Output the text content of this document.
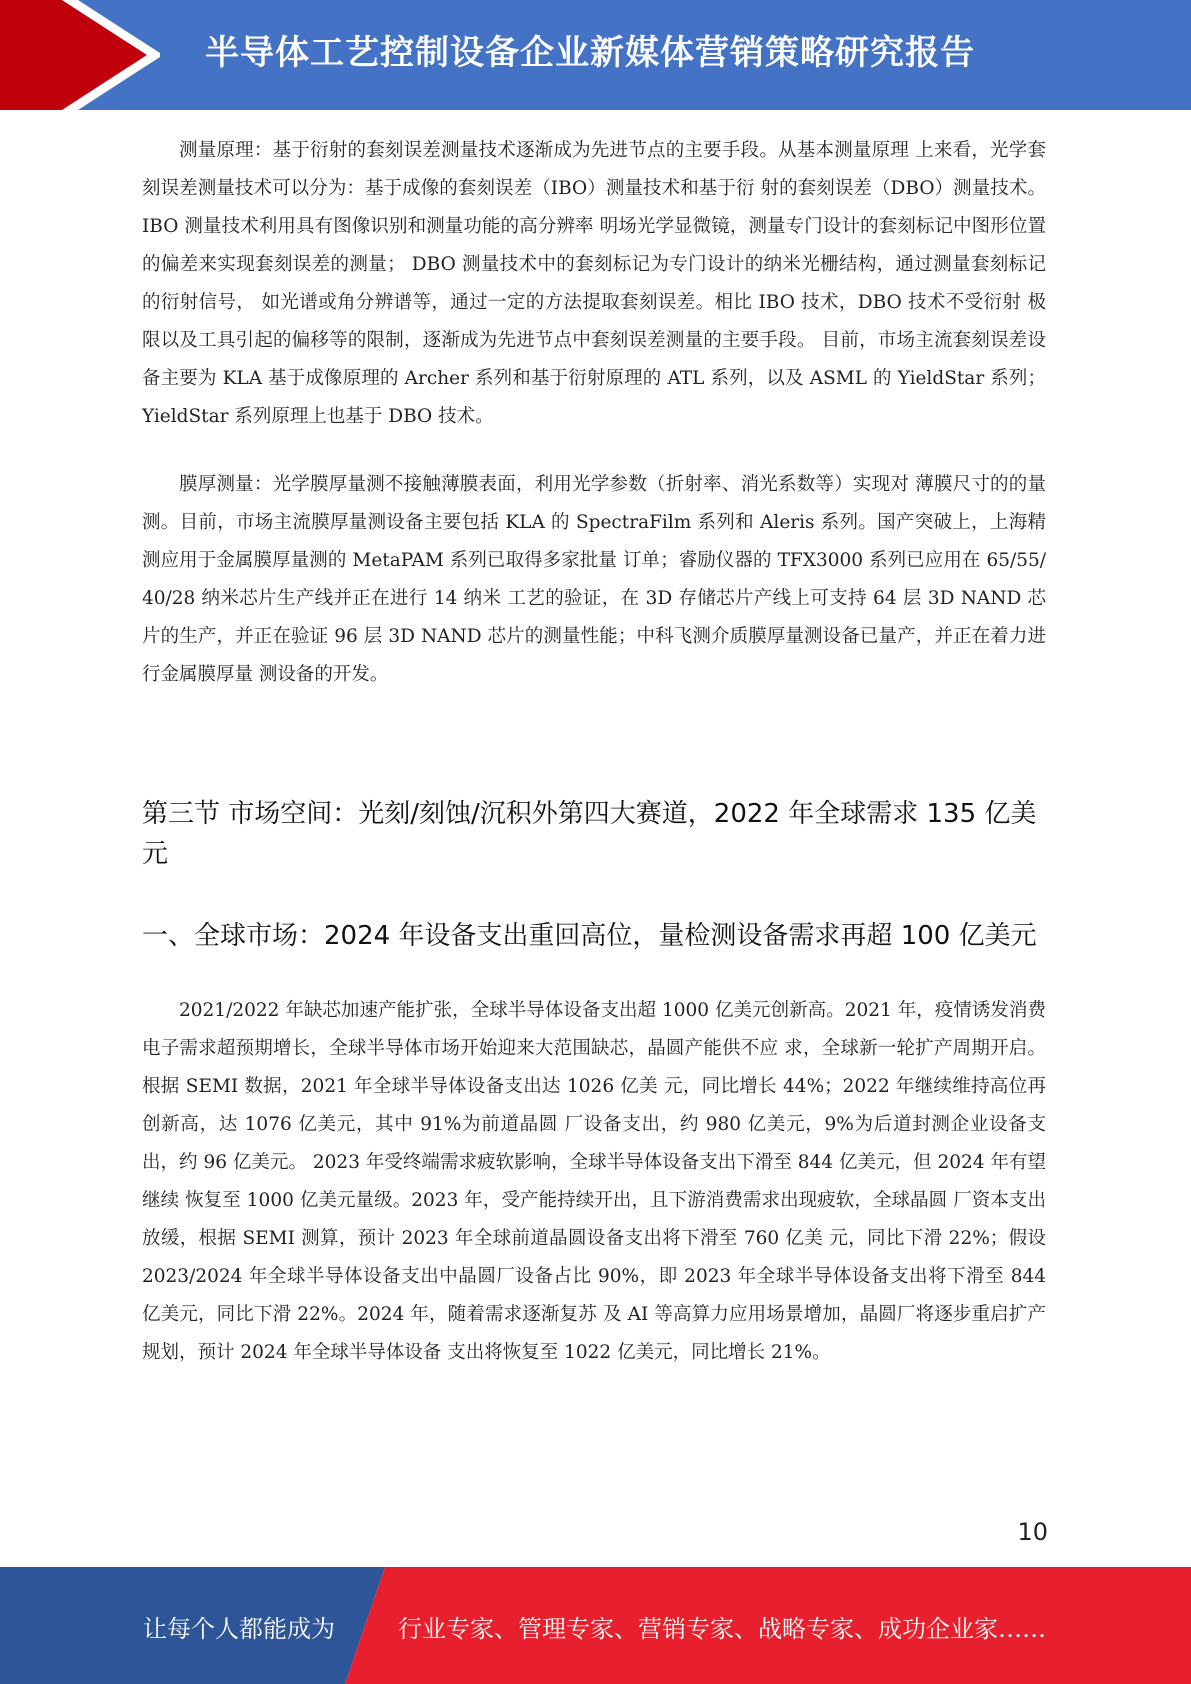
半导体工艺控制设备企业新媒体营销策略研究报告

测量原理：基于衍射的套刻误差测量技术逐渐成为先进节点的主要手段。从基本测量原理 上来看，光学套刻误差测量技术可以分为：基于成像的套刻误差（IBO）测量技术和基于衍 射的套刻误差（DBO）测量技术。IBO 测量技术利用具有图像识别和测量功能的高分辨率 明场光学显微镜，测量专门设计的套刻标记中图形位置的偏差来实现套刻误差的测量； DBO 测量技术中的套刻标记为专门设计的纳米光栅结构，通过测量套刻标记的衍射信号， 如光谱或角分辨谱等，通过一定的方法提取套刻误差。相比 IBO 技术，DBO 技术不受衍射 极限以及工具引起的偏移等的限制，逐渐成为先进节点中套刻误差测量的主要手段。 目前，市场主流套刻误差设备主要为 KLA 基于成像原理的 Archer 系列和基于衍射原理的 ATL 系列，以及 ASML 的 YieldStar 系列；YieldStar 系列原理上也基于 DBO 技术。

膜厚测量：光学膜厚量测不接触薄膜表面，利用光学参数（折射率、消光系数等）实现对 薄膜尺寸的的量测。目前，市场主流膜厚量测设备主要包括 KLA 的 SpectraFilm 系列和 Aleris 系列。国产突破上，上海精测应用于金属膜厚量测的 MetaPAM 系列已取得多家批量 订单；睿励仪器的 TFX3000 系列已应用在 65/55/40/28 纳米芯片生产线并正在进行 14 纳米 工艺的验证，在 3D 存储芯片产线上可支持 64 层 3D NAND 芯片的生产，并正在验证 96 层 3D NAND 芯片的测量性能；中科飞测介质膜厚量测设备已量产，并正在着力进行金属膜厚量 测设备的开发。

第三节 市场空间：光刻/刻蚀/沉积外第四大赛道，2022 年全球需求 135 亿美元
一、全球市场：2024 年设备支出重回高位，量检测设备需求再超 100 亿美元

2021/2022 年缺芯加速产能扩张，全球半导体设备支出超 1000 亿美元创新高。2021 年，疫情诱发消费电子需求超预期增长，全球半导体市场开始迎来大范围缺芯，晶圆产能供不应 求，全球新一轮扩产周期开启。根据 SEMI 数据，2021 年全球半导体设备支出达 1026 亿美 元，同比增长 44%；2022 年继续维持高位再创新高，达 1076 亿美元，其中 91%为前道晶圆 厂设备支出，约 980 亿美元，9%为后道封测企业设备支出，约 96 亿美元。 2023 年受终端需求疲软影响，全球半导体设备支出下滑至 844 亿美元，但 2024 年有望继续 恢复至 1000 亿美元量级。2023 年，受产能持续开出，且下游消费需求出现疲软，全球晶圆 厂资本支出放缓，根据 SEMI 测算，预计 2023 年全球前道晶圆设备支出将下滑至 760 亿美 元，同比下滑 22%；假设 2023/2024 年全球半导体设备支出中晶圆厂设备占比 90%，即 2023 年全球半导体设备支出将下滑至 844 亿美元，同比下滑 22%。2024 年，随着需求逐渐复苏 及 AI 等高算力应用场景增加，晶圆厂将逐步重启扩产规划，预计 2024 年全球半导体设备 支出将恢复至 1022 亿美元，同比增长 21%。

10
让每个人都能成为	行业专家、管理专家、营销专家、战略专家、成功企业家……
